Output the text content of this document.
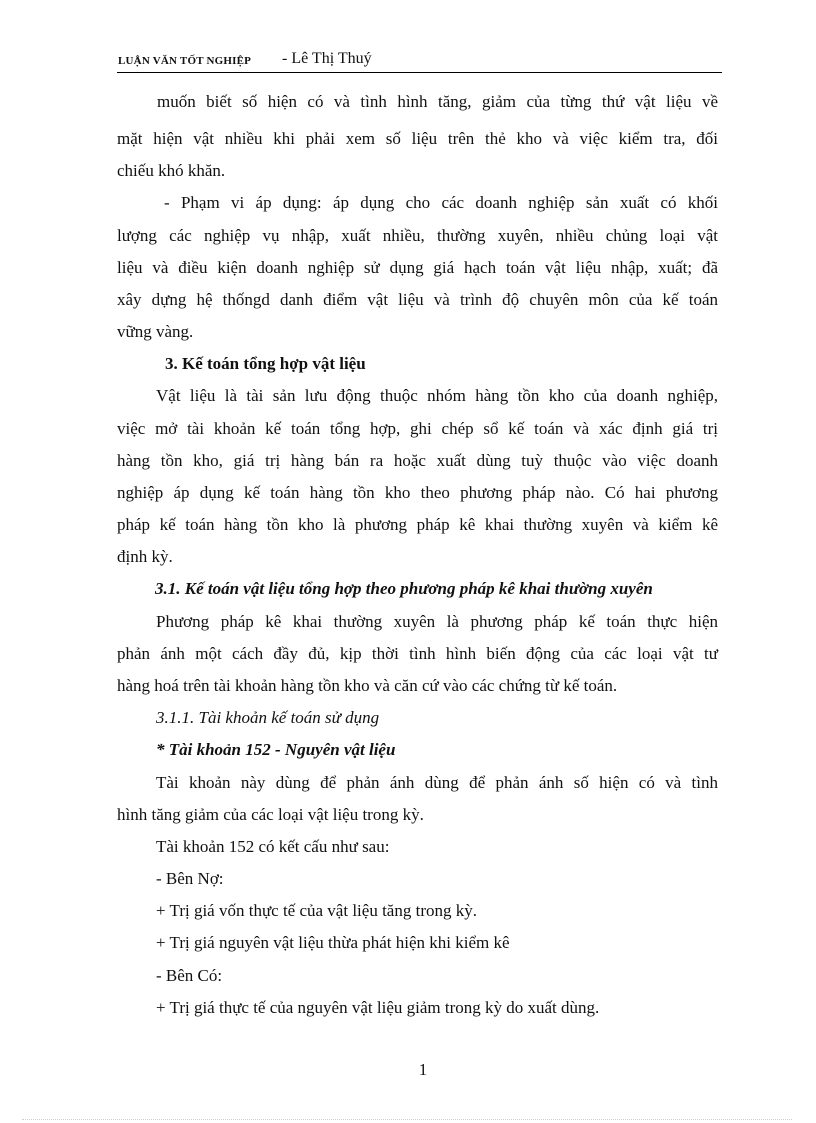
LUẬN VĂN TỐT NGHIỆP - Lê Thị Thuý
muốn biết số hiện có và tình hình tăng, giảm của từng thứ vật liệu về
mặt hiện vật nhiều khi phải xem số liệu trên thẻ kho và việc kiểm tra, đối
chiếu khó khăn.
- Phạm vi áp dụng: áp dụng cho các doanh nghiệp sản xuất có khối
lượng các nghiệp vụ nhập, xuất nhiều, thường xuyên, nhiều chủng loại vật
liệu và điều kiện doanh nghiệp sử dụng giá hạch toán vật liệu nhập, xuất; đã
xây dựng hệ thốngd danh điểm vật liệu và trình độ chuyên môn của kế toán
vững vàng.
3. Kế toán tổng hợp vật liệu
Vật liệu là tài sản lưu động thuộc nhóm hàng tồn kho của doanh nghiệp,
việc mở tài khoản kế toán tổng hợp, ghi chép sổ kế toán và xác định giá trị
hàng tồn kho, giá trị hàng bán ra hoặc xuất dùng tuỳ thuộc vào việc doanh
nghiệp áp dụng kế toán hàng tồn kho theo phương pháp nào. Có hai phương
pháp kế toán hàng tồn kho là phương pháp kê khai thường xuyên và kiểm kê
định kỳ.
3.1. Kế toán vật liệu tổng hợp theo phương pháp kê khai thường xuyên
Phương pháp kê khai thường xuyên là phương pháp kế toán thực hiện
phản ánh một cách đầy đủ, kịp thời tình hình biến động của các loại vật tư
hàng hoá trên tài khoản hàng tồn kho và căn cứ vào các chứng từ kế toán.
3.1.1. Tài khoản kế toán sử dụng
* Tài khoản 152 - Nguyên vật liệu
Tài khoản này dùng để phản ánh dùng để phản ánh số hiện có và tình
hình tăng giảm của các loại vật liệu trong kỳ.
Tài khoản 152 có kết cấu như sau:
- Bên Nợ:
+ Trị giá vốn thực tế của vật liệu tăng trong kỳ.
+ Trị giá nguyên vật liệu thừa phát hiện khi kiểm kê
- Bên Có:
+ Trị giá thực tế của nguyên vật liệu giảm trong kỳ do xuất dùng.
1
